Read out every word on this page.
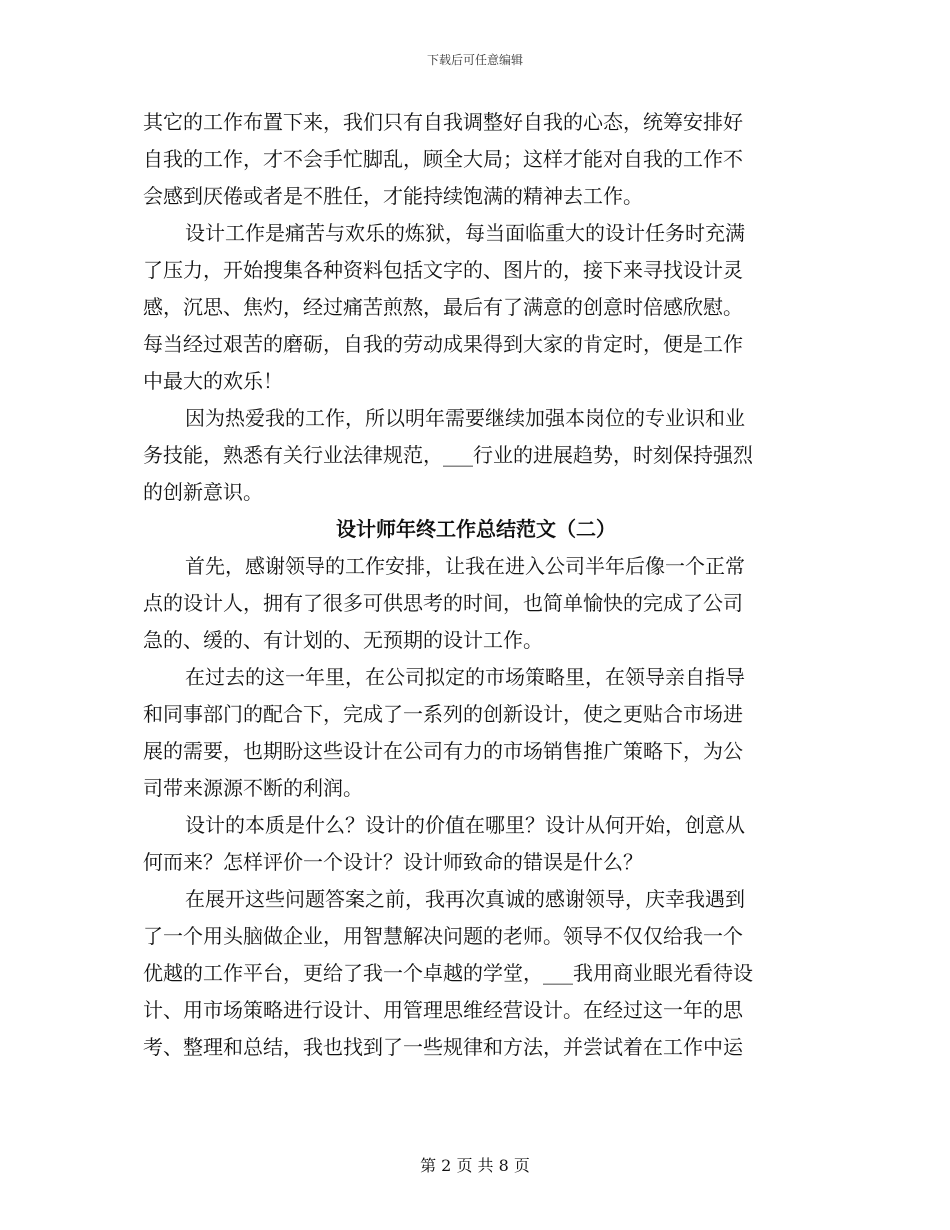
下载后可任意编辑
其它的工作布置下来，我们只有自我调整好自我的心态，统筹安排好
自我的工作，才不会手忙脚乱，顾全大局；这样才能对自我的工作不
会感到厌倦或者是不胜任，才能持续饱满的精神去工作。
设计工作是痛苦与欢乐的炼狱，每当面临重大的设计任务时充满
了压力，开始搜集各种资料包括文字的、图片的，接下来寻找设计灵
感，沉思、焦灼，经过痛苦煎熬，最后有了满意的创意时倍感欣慰。
每当经过艰苦的磨砺，自我的劳动成果得到大家的肯定时，便是工作
中最大的欢乐！
因为热爱我的工作，所以明年需要继续加强本岗位的专业识和业
务技能，熟悉有关行业法律规范，___行业的进展趋势，时刻保持强烈
的创新意识。
设计师年终工作总结范文（二）
首先，感谢领导的工作安排，让我在进入公司半年后像一个正常
点的设计人，拥有了很多可供思考的时间，也简单愉快的完成了公司
急的、缓的、有计划的、无预期的设计工作。
在过去的这一年里，在公司拟定的市场策略里，在领导亲自指导
和同事部门的配合下，完成了一系列的创新设计，使之更贴合市场进
展的需要，也期盼这些设计在公司有力的市场销售推广策略下，为公
司带来源源不断的利润。
设计的本质是什么？设计的价值在哪里？设计从何开始，创意从
何而来？怎样评价一个设计？设计师致命的错误是什么？
在展开这些问题答案之前，我再次真诚的感谢领导，庆幸我遇到
了一个用头脑做企业，用智慧解决问题的老师。领导不仅仅给我一个
优越的工作平台，更给了我一个卓越的学堂，___我用商业眼光看待设
计、用市场策略进行设计、用管理思维经营设计。在经过这一年的思
考、整理和总结，我也找到了一些规律和方法，并尝试着在工作中运
第 2 页 共 8 页
